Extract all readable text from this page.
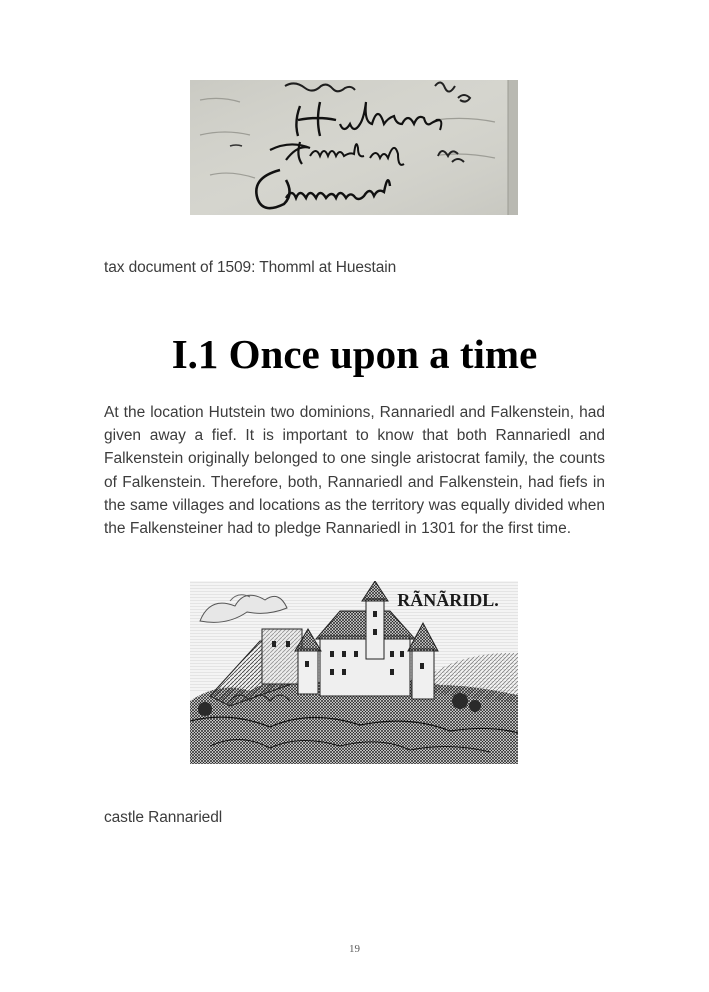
tax document of 1509: Thomml at Huestain
I.1 Once upon a time

At the location Hutstein two dominions, Rannariedl and Falkenstein, had given away a fief. It is important to know that both Rannariedl and Falkenstein originally belonged to one single aristocrat family, the counts of Falkenstein. Therefore, both, Rannariedl and Falkenstein, had fiefs in the same villages and locations as the territory was equally divided when the Falkensteiner had to pledge Rannariedl in 1301 for the first time.

RÃNÃRIDL.
castle Rannariedl
19
